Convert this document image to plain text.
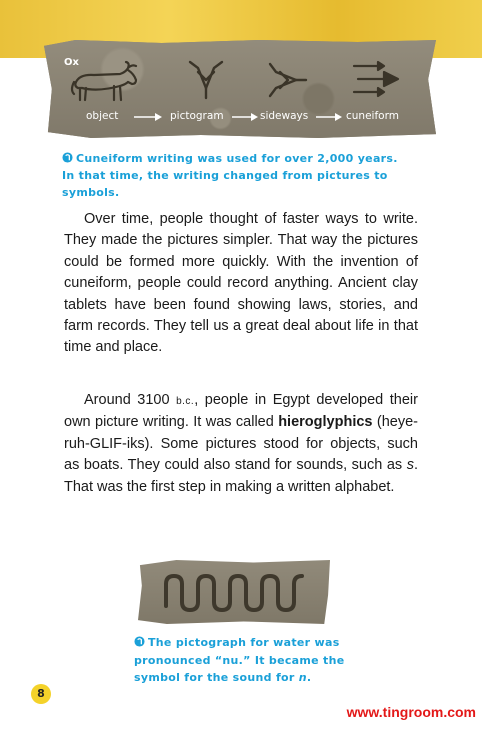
Ox
object	pictogram	sideways	cuneiform
Cuneiform writing was used for over 2,000 years. In that time, the writing changed from pictures to symbols.

Over time, people thought of faster ways to write. They made the pictures simpler. That way the pictures could be formed more quickly. With the invention of cuneiform, people could record anything. Ancient clay tablets have been found showing laws, stories, and farm records. They tell us a great deal about life in that time and place.

Around 3100 b.c., people in Egypt developed their own picture writing. It was called hieroglyphics (heye-ruh-GLIF-iks). Some pictures stood for objects, such as boats. They could also stand for sounds, such as s. That was the first step in making a written alphabet.

The pictograph for water was pronounced “nu.” It became the symbol for the sound for n.
8
www.tingroom.com
